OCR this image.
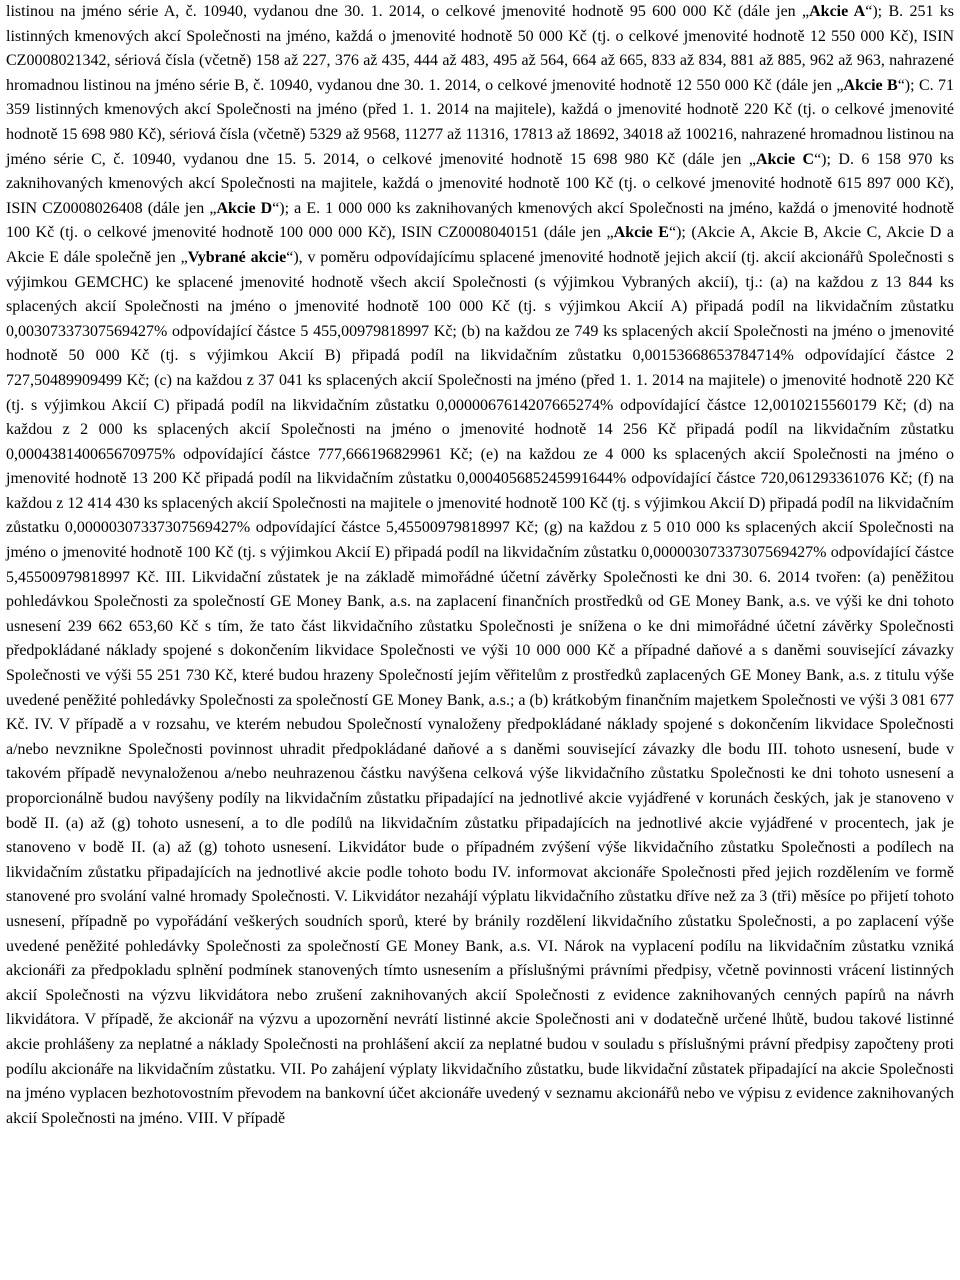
listinou na jméno série A, č. 10940, vydanou dne 30. 1. 2014, o celkové jmenovité hodnotě 95 600 000 Kč (dále jen „Akcie A“); B. 251 ks listinných kmenových akcí Společnosti na jméno, každá o jmenovité hodnotě 50 000 Kč (tj. o celkové jmenovité hodnotě 12 550 000 Kč), ISIN CZ0008021342, sériová čísla (včetně) 158 až 227, 376 až 435, 444 až 483, 495 až 564, 664 až 665, 833 až 834, 881 až 885, 962 až 963, nahrazené hromadnou listinou na jméno série B, č. 10940, vydanou dne 30. 1. 2014, o celkové jmenovité hodnotě 12 550 000 Kč (dále jen „Akcie B“); C. 71 359 listinných kmenových akcí Společnosti na jméno (před 1. 1. 2014 na majitele), každá o jmenovité hodnotě 220 Kč (tj. o celkové jmenovité hodnotě 15 698 980 Kč), sériová čísla (včetně) 5329 až 9568, 11277 až 11316, 17813 až 18692, 34018 až 100216, nahrazené hromadnou listinou na jméno série C, č. 10940, vydanou dne 15. 5. 2014, o celkové jmenovité hodnotě 15 698 980 Kč (dále jen „Akcie C“); D. 6 158 970 ks zaknihovaných kmenových akcí Společnosti na majitele, každá o jmenovité hodnotě 100 Kč (tj. o celkové jmenovité hodnotě 615 897 000 Kč), ISIN CZ0008026408 (dále jen „Akcie D“); a E. 1 000 000 ks zaknihovaných kmenových akcí Společnosti na jméno, každá o jmenovité hodnotě 100 Kč (tj. o celkové jmenovité hodnotě 100 000 000 Kč), ISIN CZ0008040151 (dále jen „Akcie E“); (Akcie A, Akcie B, Akcie C, Akcie D a Akcie E dále společně jen „Vybrané akcie“), v poměru odpovídajícímu splacené jmenovité hodnotě jejich akcií (tj. akcií akcionářů Společnosti s výjimkou GEMCHC) ke splacené jmenovité hodnotě všech akcií Společnosti (s výjimkou Vybraných akcií), tj.: (a) na každou z 13 844 ks splacených akcií Společnosti na jméno o jmenovité hodnotě 100 000 Kč (tj. s výjimkou Akcií A) připadá podíl na likvidačním zůstatku 0,00307337307569427% odpovídající částce 5 455,00979818997 Kč; (b) na každou ze 749 ks splacených akcií Společnosti na jméno o jmenovité hodnotě 50 000 Kč (tj. s výjimkou Akcií B) připadá podíl na likvidačním zůstatku 0,00153668653784714% odpovídající částce 2 727,50489909499 Kč; (c) na každou z 37 041 ks splacených akcií Společnosti na jméno (před 1. 1. 2014 na majitele) o jmenovité hodnotě 220 Kč (tj. s výjimkou Akcií C) připadá podíl na likvidačním zůstatku 0,0000067614207665274% odpovídající částce 12,0010215560179 Kč; (d) na každou z 2 000 ks splacených akcií Společnosti na jméno o jmenovité hodnotě 14 256 Kč připadá podíl na likvidačním zůstatku 0,000438140065670975% odpovídající částce 777,666196829961 Kč; (e) na každou ze 4 000 ks splacených akcií Společnosti na jméno o jmenovité hodnotě 13 200 Kč připadá podíl na likvidačním zůstatku 0,000405685245991644% odpovídající částce 720,061293361076 Kč; (f) na každou z 12 414 430 ks splacených akcií Společnosti na majitele o jmenovité hodnotě 100 Kč (tj. s výjimkou Akcií D) připadá podíl na likvidačním zůstatku 0,00000307337307569427% odpovídající částce 5,45500979818997 Kč; (g) na každou z 5 010 000 ks splacených akcií Společnosti na jméno o jmenovité hodnotě 100 Kč (tj. s výjimkou Akcií E) připadá podíl na likvidačním zůstatku 0,00000307337307569427% odpovídající částce 5,45500979818997 Kč. III. Likvidační zůstatek je na základě mimořádné účetní závěrky Společnosti ke dni 30. 6. 2014 tvořen: (a) peněžitou pohledávkou Společnosti za společností GE Money Bank, a.s. na zaplacení finančních prostředků od GE Money Bank, a.s. ve výši ke dni tohoto usnesení 239 662 653,60 Kč s tím, že tato část likvidačního zůstatku Společnosti je snížena o ke dni mimořádné účetní závěrky Společnosti předpokládané náklady spojené s dokončením likvidace Společnosti ve výši 10 000 000 Kč a případné daňové a s daněmi související závazky Společnosti ve výši 55 251 730 Kč, které budou hrazeny Společností jejím věřitelům z prostředků zaplacených GE Money Bank, a.s. z titulu výše uvedené peněžité pohledávky Společnosti za společností GE Money Bank, a.s.; a (b) krátkobým finančním majetkem Společnosti ve výši 3 081 677 Kč. IV. V případě a v rozsahu, ve kterém nebudou Společností vynaloženy předpokládané náklady spojené s dokončením likvidace Společnosti a/nebo nevznikne Společnosti povinnost uhradit předpokládané daňové a s daněmi související závazky dle bodu III. tohoto usnesení, bude v takovém případě nevynaloženou a/nebo neuhrazenou částku navýšena celková výše likvidačního zůstatku Společnosti ke dni tohoto usnesení a proporcionálně budou navýšeny podíly na likvidačním zůstatku připadající na jednotlivé akcie vyjádřené v korunách českých, jak je stanoveno v bodě II. (a) až (g) tohoto usnesení, a to dle podílů na likvidačním zůstatku připadajících na jednotlivé akcie vyjádřené v procentech, jak je stanoveno v bodě II. (a) až (g) tohoto usnesení. Likvidátor bude o případném zvýšení výše likvidačního zůstatku Společnosti a podílech na likvidačním zůstatku připadajících na jednotlivé akcie podle tohoto bodu IV. informovat akcionáře Společnosti před jejich rozdělením ve formě stanovené pro svolání valné hromady Společnosti. V. Likvidátor nezahájí výplatu likvidačního zůstatku dříve než za 3 (tři) měsíce po přijetí tohoto usnesení, případně po vypořádání veškerých soudních sporů, které by bránily rozdělení likvidačního zůstatku Společnosti, a po zaplacení výše uvedené peněžité pohledávky Společnosti za společností GE Money Bank, a.s. VI. Nárok na vyplacení podílu na likvidačním zůstatku vzniká akcionáři za předpokladu splnění podmínek stanovených tímto usnesením a příslušnými právními předpisy, včetně povinnosti vrácení listinných akcií Společnosti na výzvu likvidátora nebo zrušení zaknihovaných akcií Společnosti z evidence zaknihovaných cenných papírů na návrh likvidátora. V případě, že akcionář na výzvu a upozornění nevrátí listinné akcie Společnosti ani v dodatečně určené lhůtě, budou takové listinné akcie prohlášeny za neplatné a náklady Společnosti na prohlášení akcií za neplatné budou v souladu s příslušnými právní předpisy započteny proti podílu akcionáře na likvidačním zůstatku. VII. Po zahájení výplaty likvidačního zůstatku, bude likvidační zůstatek připadající na akcie Společnosti na jméno vyplacen bezhotovostním převodem na bankovní účet akcionáře uvedený v seznamu akcionářů nebo ve výpisu z evidence zaknihovaných akcií Společnosti na jméno. VIII. V případě
